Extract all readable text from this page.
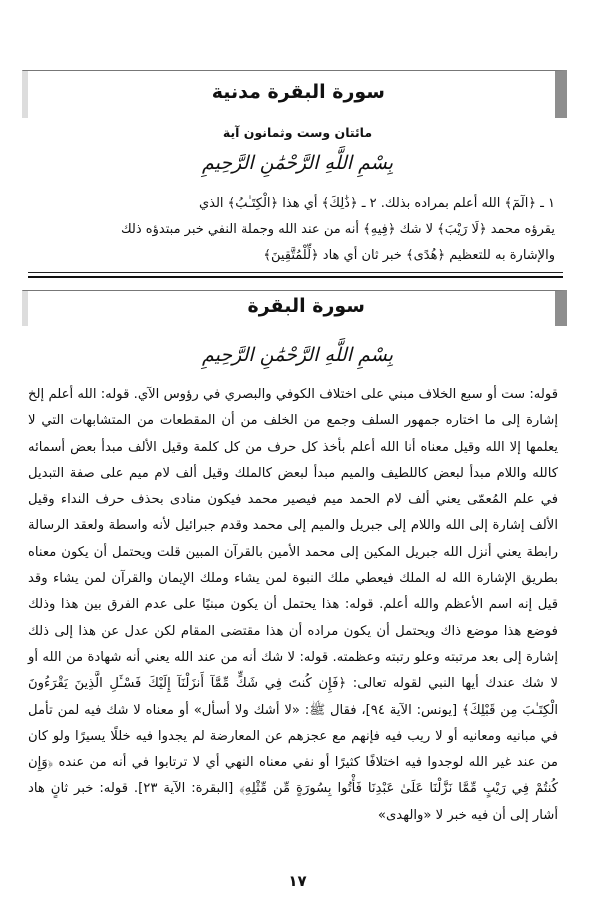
سورة البقرة مدنية
مائتان وست وثمانون آية
بِسْمِ اللَّهِ الرَّحْمَٰنِ الرَّحِيمِ
١ ـ ﴿الٓمٓ﴾ الله أعلم بمراده بذلك. ٢ ـ ﴿ذَٰلِكَ﴾ أي هذا ﴿الْكِتَـٰبُ﴾ الذي
يقرؤه محمد ﴿لَا رَيْبَ﴾ لا شك ﴿فِيهِ﴾ أنه من عند الله وجملة النفي خبر مبتدؤه ذلك
والإشارة به للتعظيم ﴿هُدًى﴾ خبر ثان أي هاد ﴿لِّلْمُتَّقِينَ﴾
سورة البقرة
بِسْمِ اللَّهِ الرَّحْمَٰنِ الرَّحِيمِ

قوله: ست أو سبع الخلاف مبني على اختلاف الكوفي والبصري في رؤوس الآي. قوله: الله أعلم إلخ إشارة إلى ما اختاره جمهور السلف وجمع من الخلف من أن المقطعات من المتشابهات التي لا يعلمها إلا الله وقيل معناه أنا الله أعلم بأخذ كل حرف من كل كلمة وقيل الألف مبدأ بعض أسمائه كالله واللام مبدأ لبعض كاللطيف والميم مبدأ لبعض كالملك وقيل ألف لام ميم على صفة التبديل في علم المُعمّى يعني ألف لام الحمد ميم فيصير محمد فيكون منادى بحذف حرف النداء وقيل الألف إشارة إلى الله واللام إلى جبريل والميم إلى محمد وقدم جبرائيل لأنه واسطة ولعقد الرسالة رابطة يعني أنزل الله جبريل المكين إلى محمد الأمين بالقرآن المبين قلت ويحتمل أن يكون معناه بطريق الإشارة الله له الملك فيعطي ملك النبوة لمن يشاء وملك الإيمان والقرآن لمن يشاء وقد قيل إنه اسم الأعظم والله أعلم. قوله: هذا يحتمل أن يكون مبنيًا على عدم الفرق بين هذا وذلك فوضع هذا موضع ذاك ويحتمل أن يكون مراده أن هذا مقتضى المقام لكن عدل عن هذا إلى ذلك إشارة إلى بعد مرتبته وعلو رتبته وعظمته. قوله: لا شك أنه من عند الله يعني أنه شهادة من الله أو لا شك عندك أيها النبي لقوله تعالى: ﴿فَإِن كُنتَ فِي شَكٍّ مِّمَّآ أَنزَلْنَآ إِلَيْكَ فَسْـَٔلِ الَّذِينَ يَقْرَءُونَ الْكِتَـٰبَ مِن قَبْلِكَ﴾ [يونس: الآية ٩٤]، فقال ﷺ: «لا أشك ولا أسأل» أو معناه لا شك فيه لمن تأمل في مبانيه ومعانيه أو لا ريب فيه فإنهم مع عجزهم عن المعارضة لم يجدوا فيه خللًا يسيرًا ولو كان من عند غير الله لوجدوا فيه اختلافًا كثيرًا أو نفي معناه النهي أي لا ترتابوا في أنه من عنده ﴿وَإِن كُنتُمْ فِي رَيْبٍ مِّمَّا نَزَّلْنَا عَلَىٰ عَبْدِنَا فَأْتُوا بِسُورَةٍ مِّن مِّثْلِهِ﴾ [البقرة: الآية ٢٣]. قوله: خبر ثانٍ هاد أشار إلى أن فيه خبر لا «والهدى»

١٧
